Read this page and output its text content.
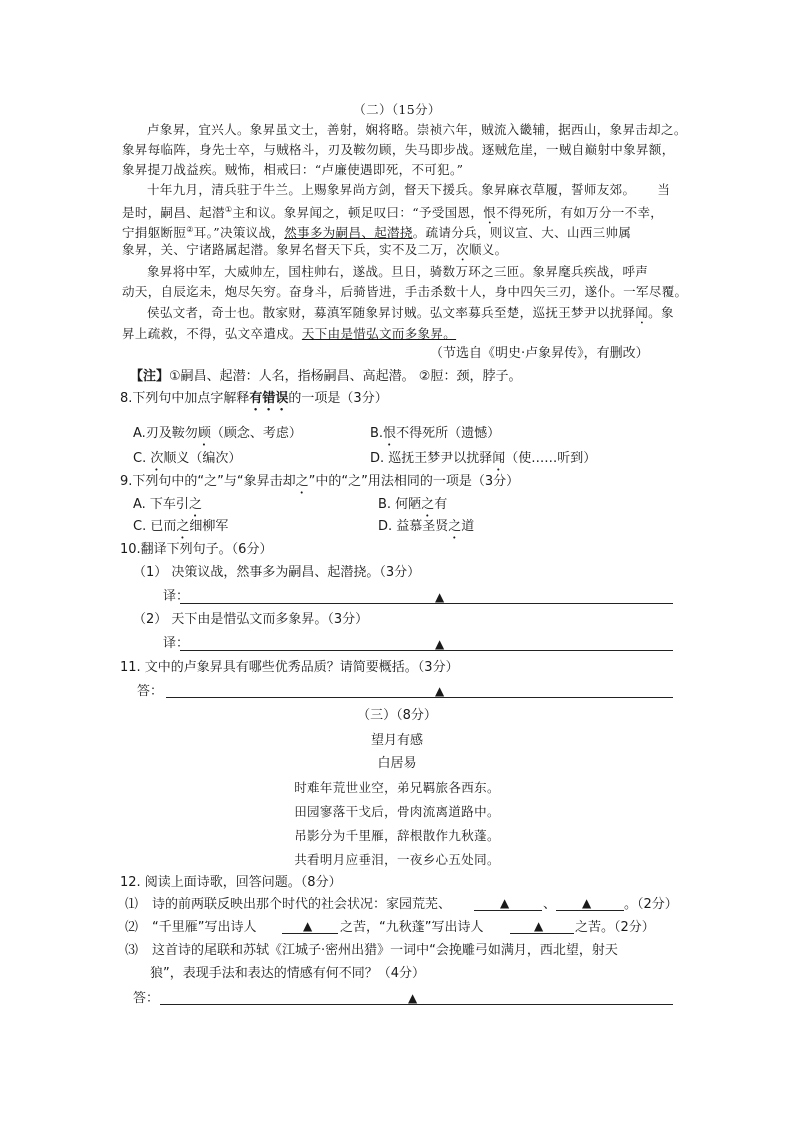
（二）（15分）
卢象昇，宜兴人。象昇虽文士，善射，娴将略。崇祯六年，贼流入畿辅，据西山，象昇击却之。
象昇每临阵，身先士卒，与贼格斗，刃及鞍勿顾，失马即步战。逐贼危崖，一贼自巅射中象昇额，
象昇提刀战益疾。贼怖，相戒曰：“卢廉使遇即死，不可犯。”
十年九月，清兵驻于牛兰。上赐象昇尚方剑，督天下援兵。象昇麻衣草履，誓师友郊。 当
是时，嗣昌、起潜①主和议。象昇闻之，顿足叹曰：“予受国恩，恨不得死所，有如万分一不幸，
宁捐躯断脰②耳。”决策议战，然事多为嗣昌、起潜挠。疏请分兵，则议宣、大、山西三帅属
象昇，关、宁诸路属起潜。象昇名督天下兵，实不及二万，次顺义。
象昇将中军，大威帅左，国柱帅右，遂战。旦日，骑数万环之三匝。象昇麾兵疾战，呼声
动天，自辰迄未，炮尽矢穷。奋身斗，后骑皆进，手击杀数十人，身中四矢三刃，遂仆。一军尽覆。
侯弘文者，奇士也。散家财，募滇军随象昇讨贼。弘文率募兵至楚，巡抚王梦尹以扰驿闻。象
昇上疏救，不得，弘文卒遣戍。天下由是惜弘文而多象昇。
（节选自《明史·卢象昇传》，有删改）
【注】①嗣昌、起潜：人名，指杨嗣昌、高起潜。 ②脰：颈，脖子。
8.下列句中加点字解释有错误的一项是（3分）
A.刃及鞍勿顾（顾念、考虑）	B.恨不得死所（遗憾）
C. 次顺义（编次）	D. 巡抚王梦尹以扰驿闻（使……听到）
9.下列句中的“之”与“象昇击却之”中的“之”用法相同的一项是（3分）
A. 下车引之	B. 何陋之有
C. 已而之细柳军	D. 益慕圣贤之道
10.翻译下列句子。（6分）
（1） 决策议战，然事多为嗣昌、起潜挠。（3分）
译：	▲
（2） 天下由是惜弘文而多象昇。（3分）
译：	▲
11. 文中的卢象昇具有哪些优秀品质？请简要概括。（3分）
答：	▲
（三）（8分）
望月有感
白居易
时难年荒世业空，弟兄羁旅各西东。
田园寥落干戈后，骨肉流离道路中。
吊影分为千里雁，辞根散作九秋蓬。
共看明月应垂泪，一夜乡心五处同。
12. 阅读上面诗歌，回答问题。（8分）
⑴ 诗的前两联反映出那个时代的社会状况：家园荒芜、	▲	、 ▲	。（2分）
⑵ “千里雁”写出诗人	▲ 之苦，“九秋蓬”写出诗人	▲ 之苦。（2分）
⑶ 这首诗的尾联和苏轼《江城子·密州出猎》一词中“会挽雕弓如满月，西北望，射天
狼”，表现手法和表达的情感有何不同？（4分）
答：	▲
